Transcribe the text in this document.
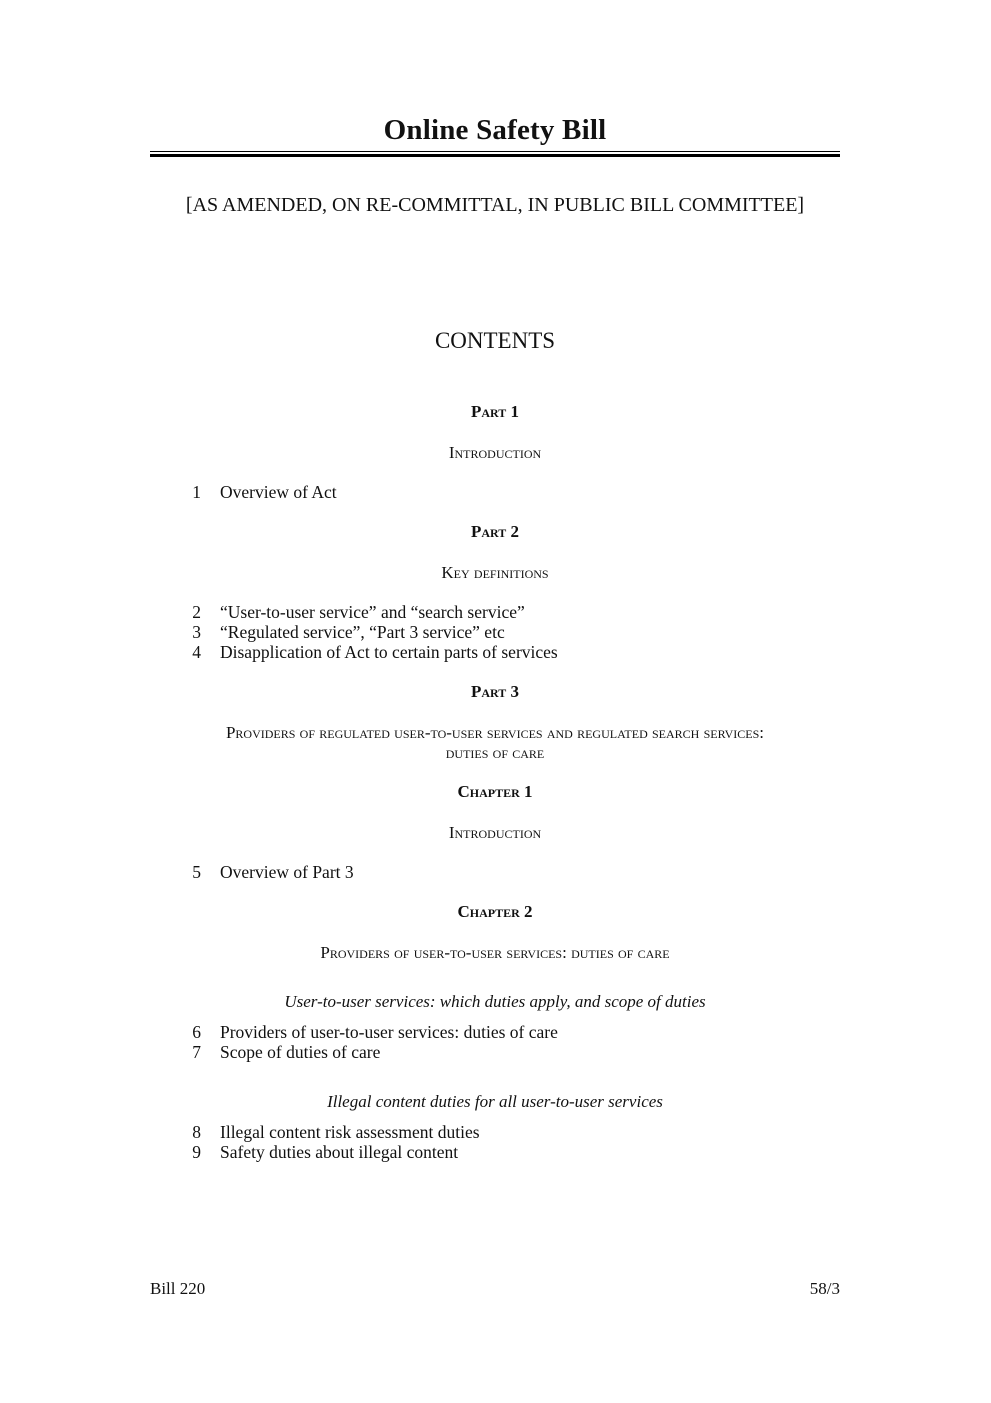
Online Safety Bill
[AS AMENDED, ON RE-COMMITTAL, IN PUBLIC BILL COMMITTEE]
CONTENTS
Part 1
Introduction
1 Overview of Act
Part 2
Key definitions
2 “User-to-user service” and “search service”
3 “Regulated service”, “Part 3 service” etc
4 Disapplication of Act to certain parts of services
Part 3
Providers of regulated user-to-user services and regulated search services:
duties of care
Chapter 1
Introduction
5 Overview of Part 3
Chapter 2
Providers of user-to-user services: duties of care
User-to-user services: which duties apply, and scope of duties
6 Providers of user-to-user services: duties of care
7 Scope of duties of care
Illegal content duties for all user-to-user services
8 Illegal content risk assessment duties
9 Safety duties about illegal content
Bill 220	58/3
